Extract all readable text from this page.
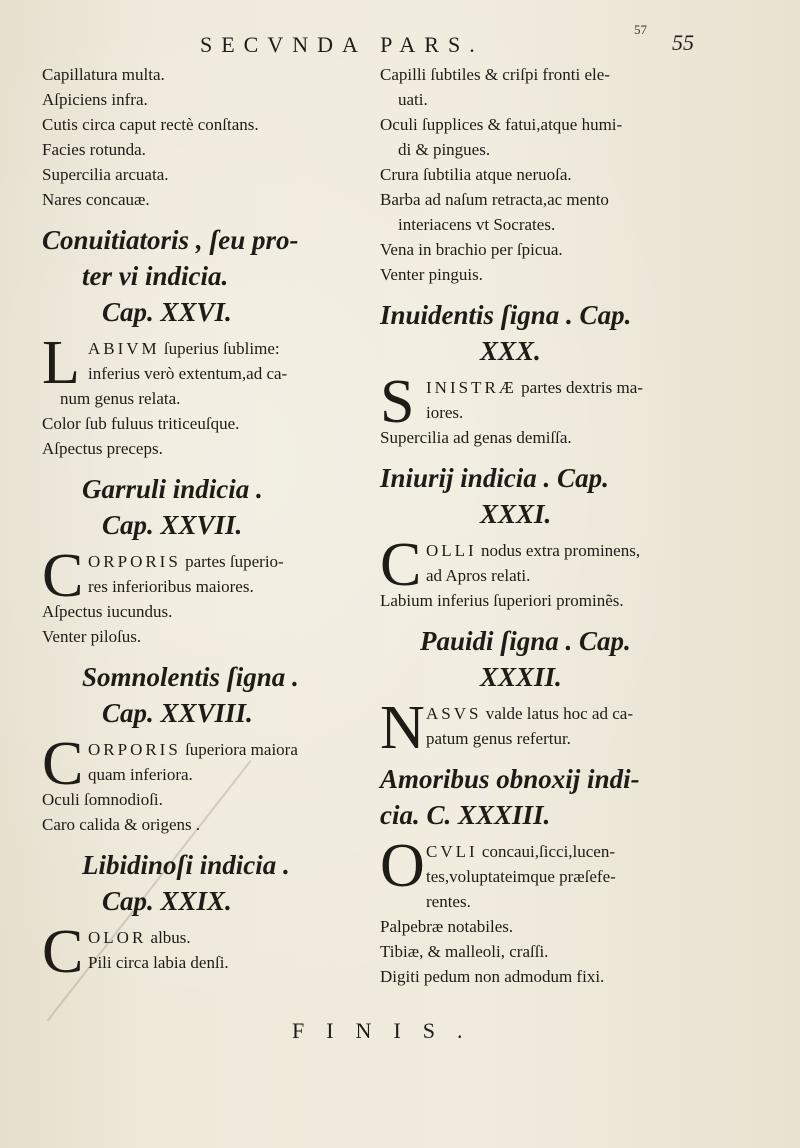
SECVNDA PARS.
57
55
Capillatura multa.
Aſpiciens infra.
Cutis circa caput rectè conſtans.
Facies rotunda.
Supercilia arcuata.
Nares concauæ.
Conuitiatoris , ſeu pro-
ter vi indicia.
Cap. XXVI.
L ABIVM ſuperius ſublime:
inferius verò extentum,ad ca-
num genus relata.
Color ſub fuluus triticeuſque.
Aſpectus preceps.
Garruli indicia .
Cap. XXVII.
C ORPORIS partes ſuperio-
res inferioribus maiores.
Aſpectus iucundus.
Venter piloſus.
Somnolentis ſigna .
Cap. XXVIII.
C ORPORIS ſuperiora maiora
quam inferiora.
Oculi ſomnodioſi.
Caro calida & origens .
Libidinoſi indicia .
Cap. XXIX.
C OLOR albus.
Pili circa labia denſi.
Capilli ſubtiles & criſpi fronti ele-
uati.
Oculi ſupplices & fatui,atque humi-
di & pingues.
Crura ſubtilia atque neruoſa.
Barba ad naſum retracta,ac mento
interiacens vt Socrates.
Vena in brachio per ſpicua.
Venter pinguis.
Inuidentis ſigna . Cap.
XXX.
S INISTRÆ partes dextris ma-
iores.
Supercilia ad genas demiſſa.
Iniurij indicia . Cap.
XXXI.
C OLLI nodus extra prominens,
ad Apros relati.
Labium inferius ſuperiori prominẽs.
Pauidi ſigna . Cap.
XXXII.
N ASVS valde latus hoc ad ca-
patum genus refertur.
Amoribus obnoxij indi-
cia. C. XXXIII.
O CVLI concaui,ſicci,lucen-
tes,voluptateimque præſefe-
rentes.
Palpebræ notabiles.
Tibiæ, & malleoli, craſſi.
Digiti pedum non admodum fixi.
FINIS.
